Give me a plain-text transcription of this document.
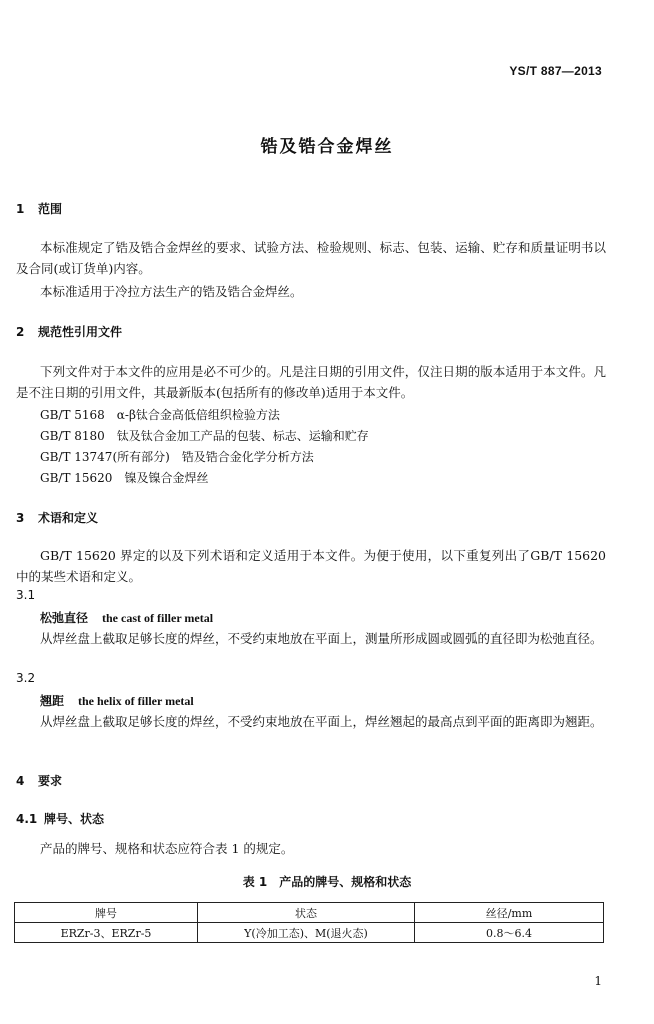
YS/T 887—2013
锆及锆合金焊丝
1 范围
本标准规定了锆及锆合金焊丝的要求、试验方法、检验规则、标志、包装、运输、贮存和质量证明书以及合同(或订货单)内容。
本标准适用于冷拉方法生产的锆及锆合金焊丝。
2 规范性引用文件
下列文件对于本文件的应用是必不可少的。凡是注日期的引用文件，仅注日期的版本适用于本文件。凡是不注日期的引用文件，其最新版本(包括所有的修改单)适用于本文件。
GB/T 5168　α-β钛合金高低倍组织检验方法
GB/T 8180　钛及钛合金加工产品的包装、标志、运输和贮存
GB/T 13747(所有部分)　锆及锆合金化学分析方法
GB/T 15620　镍及镍合金焊丝
3 术语和定义
GB/T 15620 界定的以及下列术语和定义适用于本文件。为便于使用，以下重复列出了GB/T 15620中的某些术语和定义。
3.1
松弛直径 the cast of filler metal
从焊丝盘上截取足够长度的焊丝，不受约束地放在平面上，测量所形成圆或圆弧的直径即为松弛直径。
3.2
翘距 the helix of filler metal
从焊丝盘上截取足够长度的焊丝，不受约束地放在平面上，焊丝翘起的最高点到平面的距离即为翘距。
4 要求
4.1 牌号、状态
产品的牌号、规格和状态应符合表 1 的规定。
表 1　产品的牌号、规格和状态
牌号	状态	丝径/mm
ERZr-3、ERZr-5	Y(冷加工态)、M(退火态)	0.8～6.4
1
